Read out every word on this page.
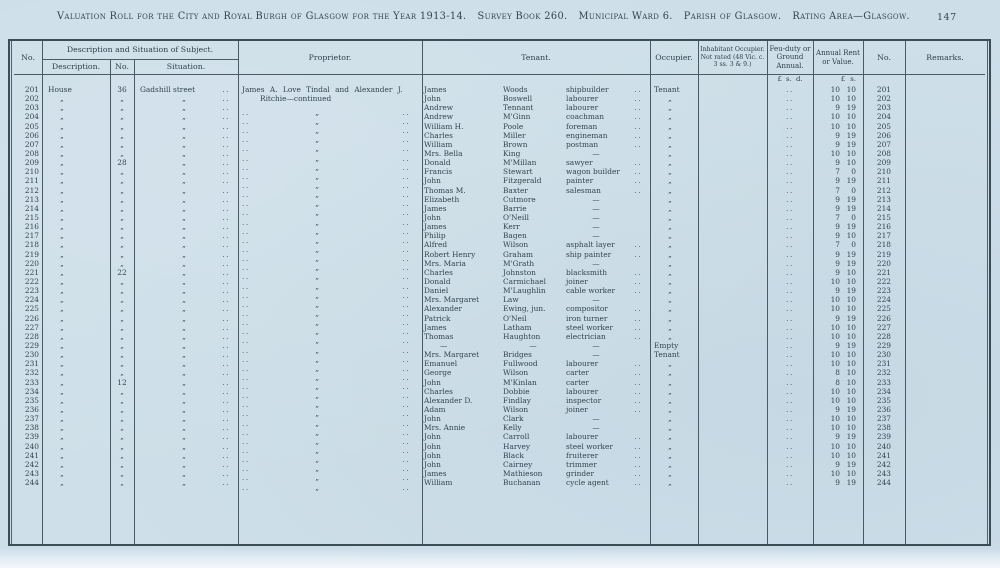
Valuation Roll for the City and Royal Burgh of Glasgow for the Year 1913-14. Survey Book 260. Municipal Ward 6. Parish of Glasgow. Rating Area—Glasgow.	147
No.
Description and Situation of Subject.
Description.	No.	Situation.
Proprietor.	Tenant.	Occupier.
Inhabitant Occupier. Not rated (48 Vic. c. 3 ss. 3 & 9.)
Feu-duty or Ground Annual.
Annual Rent or Value.	No.	Remarks.
£ s. d.	£ s.
201	House	36	Gadshill street	.. James A. Love Tindal and Alexander J.	James	Woods	shipbuilder	..	Tenant	..	10 10	201
202	„	„	„	..	Ritchie—continued	John	Boswell	labourer	..	„	..	10 10	202
203	„	„	„	.. ..	„	.. Andrew	Tennant	labourer	..	„	..	9 19	203
204	„	„	„	.. ..	„	.. Andrew	M'Ginn	coachman	..	„	..	10 10	204
205	„	„	„	.. ..	„	.. William H.	Poole	foreman	..	„	..	10 10	205
206	„	„	„	.. ..	„	.. Charles	Miller	engineman	..	„	..	9 19	206
207	„	„	„	.. ..	„	.. William	Brown	postman	..	„	..	9 19	207
208	„	„	„	.. ..	„	.. Mrs. Bella	King	—	„	..	10 10	208
209	„	28	„	.. ..	„	.. Donald	M'Millan	sawyer	..	„	..	9 10	209
210	„	„	„	.. ..	„	.. Francis	Stewart	wagon builder	..	„	..	7	0	210
211	„	„	„	.. ..	„	.. John	Fitzgerald	painter	..	„	..	9 19	211
212	„	„	„	.. ..	„	.. Thomas M.	Baxter	salesman	..	„	..	7	0	212
213	„	„	„	.. ..	„	.. Elizabeth	Cutmore	—	„	..	9 19	213
214	„	„	„	.. ..	„	.. James	Barrie	—	„	..	9 19	214
215	„	„	„	.. ..	„	.. John	O'Neill	—	„	..	7	0	215
216	„	„	„	.. ..	„	.. James	Kerr	—	„	..	9 19	216
217	„	„	„	.. ..	„	.. Philip	Bagen	—	„	..	9 10	217
218	„	„	„	.. ..	„	.. Alfred	Wilson	asphalt layer	..	„	..	7	0	218
219	„	„	„	.. ..	„	.. Robert Henry	Graham	ship painter	..	„	..	9 19	219
220	„	„	„	.. ..	„	.. Mrs. Maria	M'Grath	—	„	..	9 19	220
221	„	22	„	.. ..	„	.. Charles	Johnston	blacksmith	..	„	..	9 10	221
222	„	„	„	.. ..	„	.. Donald	Carmichael	joiner	..	„	..	10 10	222
223	„	„	„	.. ..	„	.. Daniel	M'Laughlin	cable worker	..	„	..	9 19	223
224	„	„	„	.. ..	„	.. Mrs. Margaret	Law	—	„	..	10 10	224
225	„	„	„	.. ..	„	.. Alexander	Ewing, jun.	compositor	..	„	..	10 10	225
226	„	„	„	.. ..	„	.. Patrick	O'Neil	iron turner	..	„	..	9 19	226
227	„	„	„	.. ..	„	.. James	Latham	steel worker	..	„	..	10 10	227
228	„	„	„	.. ..	„	.. Thomas	Haughton	electrician	..	„	..	10 10	228
229	„	„	„	.. ..	„	..	—	—	—	Empty	..	9 19	229
230	„	„	„	.. ..	„	.. Mrs. Margaret	Bridges	—	Tenant	..	10 10	230
231	„	„	„	.. ..	„	.. Emanuel	Fullwood	labourer	..	„	..	10 10	231
232	„	„	„	.. ..	„	.. George	Wilson	carter	..	„	..	8 10	232
233	„	12	„	.. ..	„	.. John	M'Kinlan	carter	..	„	..	8 10	233
234	„	„	„	.. ..	„	.. Charles	Dobbie	labourer	..	„	..	10 10	234
235	„	„	„	.. ..	„	.. Alexander D.	Findlay	inspector	..	„	..	10 10	235
236	„	„	„	.. ..	„	.. Adam	Wilson	joiner	..	„	..	9 19	236
237	„	„	„	.. ..	„	.. John	Clark	—	„	..	10 10	237
238	„	„	„	.. ..	„	.. Mrs. Annie	Kelly	—	„	..	10 10	238
239	„	„	„	.. ..	„	.. John	Carroll	labourer	..	„	..	9 19	239
240	„	„	„	.. ..	„	.. John	Harvey	steel worker	..	„	..	10 10	240
241	„	„	„	.. ..	„	.. John	Black	fruiterer	..	„	..	10 10	241
242	„	„	„	.. ..	„	.. John	Cairney	trimmer	..	„	..	9 19	242
243	„	„	„	.. ..	„	.. James	Mathieson	grinder	..	„	..	10 10	243
244	„	„	„	.. ..	„	.. William	Buchanan	cycle agent	..	„	..	9 19	244
